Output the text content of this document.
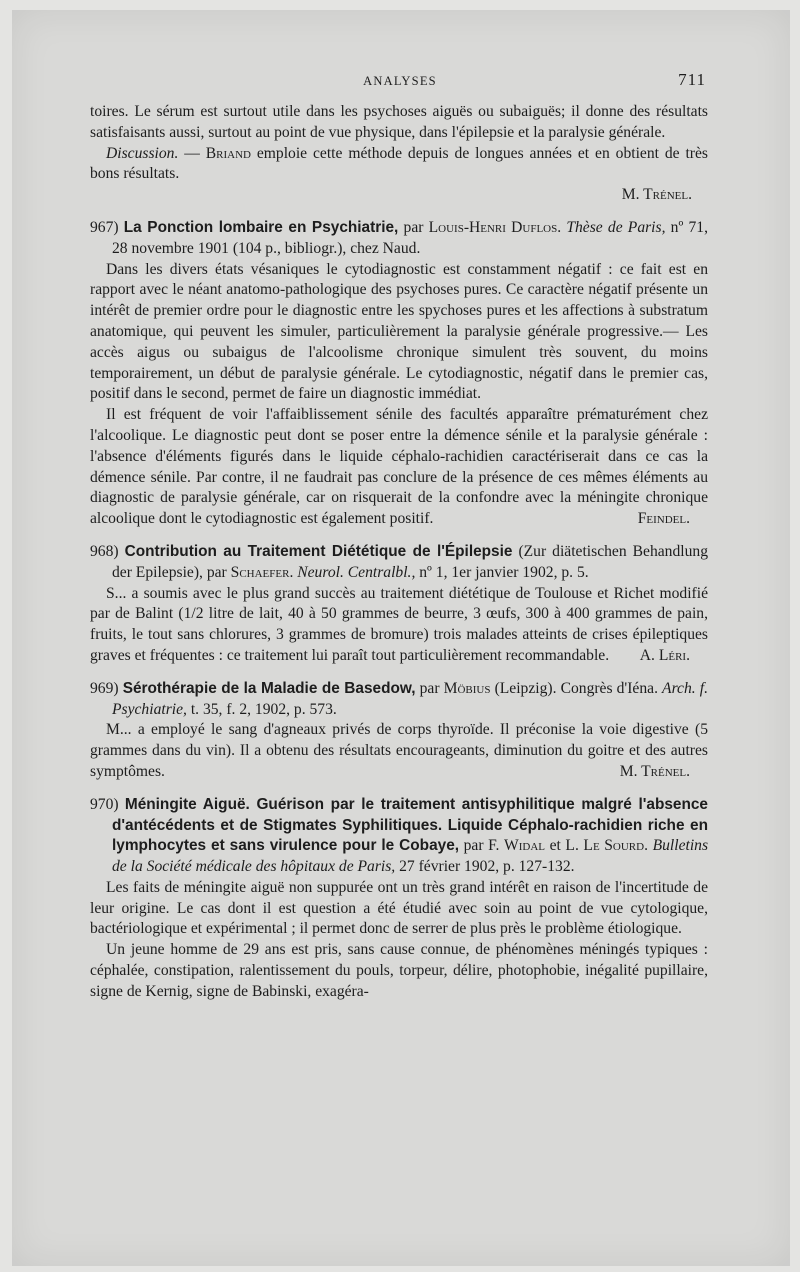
ANALYSES	711

toires. Le sérum est surtout utile dans les psychoses aiguës ou subaiguës; il donne des résultats satisfaisants aussi, surtout au point de vue physique, dans l'épilepsie et la paralysie générale.

Discussion. — Briand emploie cette méthode depuis de longues années et en obtient de très bons résultats.

M. Trénel.

967) La Ponction lombaire en Psychiatrie, par Louis-Henri Duflos. Thèse de Paris, nº 71, 28 novembre 1901 (104 p., bibliogr.), chez Naud.

Dans les divers états vésaniques le cytodiagnostic est constamment négatif : ce fait est en rapport avec le néant anatomo-pathologique des psychoses pures. Ce caractère négatif présente un intérêt de premier ordre pour le diagnostic entre les spychoses pures et les affections à substratum anatomique, qui peuvent les simuler, particulièrement la paralysie générale progressive.— Les accès aigus ou subaigus de l'alcoolisme chronique simulent très souvent, du moins temporairement, un début de paralysie générale. Le cytodiagnostic, négatif dans le premier cas, positif dans le second, permet de faire un diagnostic immédiat.

Il est fréquent de voir l'affaiblissement sénile des facultés apparaître prématurément chez l'alcoolique. Le diagnostic peut dont se poser entre la démence sénile et la paralysie générale : l'absence d'éléments figurés dans le liquide céphalo-rachidien caractériserait dans ce cas la démence sénile. Par contre, il ne faudrait pas conclure de la présence de ces mêmes éléments au diagnostic de paralysie générale, car on risquerait de la confondre avec la méningite chronique alcoolique dont le cytodiagnostic est également positif.	Feindel.

968) Contribution au Traitement Diététique de l'Épilepsie (Zur diätetischen Behandlung der Epilepsie), par Schaefer. Neurol. Centralbl., nº 1, 1er janvier 1902, p. 5.

S... a soumis avec le plus grand succès au traitement diététique de Toulouse et Richet modifié par de Balint (1/2 litre de lait, 40 à 50 grammes de beurre, 3 œufs, 300 à 400 grammes de pain, fruits, le tout sans chlorures, 3 grammes de bromure) trois malades atteints de crises épileptiques graves et fréquentes : ce traitement lui paraît tout particulièrement recommandable.	A. Léri.

969) Sérothérapie de la Maladie de Basedow, par Möbius (Leipzig). Congrès d'Iéna. Arch. f. Psychiatrie, t. 35, f. 2, 1902, p. 573.

M... a employé le sang d'agneaux privés de corps thyroïde. Il préconise la voie digestive (5 grammes dans du vin). Il a obtenu des résultats encourageants, diminution du goitre et des autres symptômes.	M. Trénel.

970) Méningite Aiguë. Guérison par le traitement antisyphilitique malgré l'absence d'antécédents et de Stigmates Syphilitiques. Liquide Céphalo-rachidien riche en lymphocytes et sans virulence pour le Cobaye, par F. Widal et L. Le Sourd. Bulletins de la Société médicale des hôpitaux de Paris, 27 février 1902, p. 127-132.

Les faits de méningite aiguë non suppurée ont un très grand intérêt en raison de l'incertitude de leur origine. Le cas dont il est question a été étudié avec soin au point de vue cytologique, bactériologique et expérimental ; il permet donc de serrer de plus près le problème étiologique.

Un jeune homme de 29 ans est pris, sans cause connue, de phénomènes méningés typiques : céphalée, constipation, ralentissement du pouls, torpeur, délire, photophobie, inégalité pupillaire, signe de Kernig, signe de Babinski, exagéra-
